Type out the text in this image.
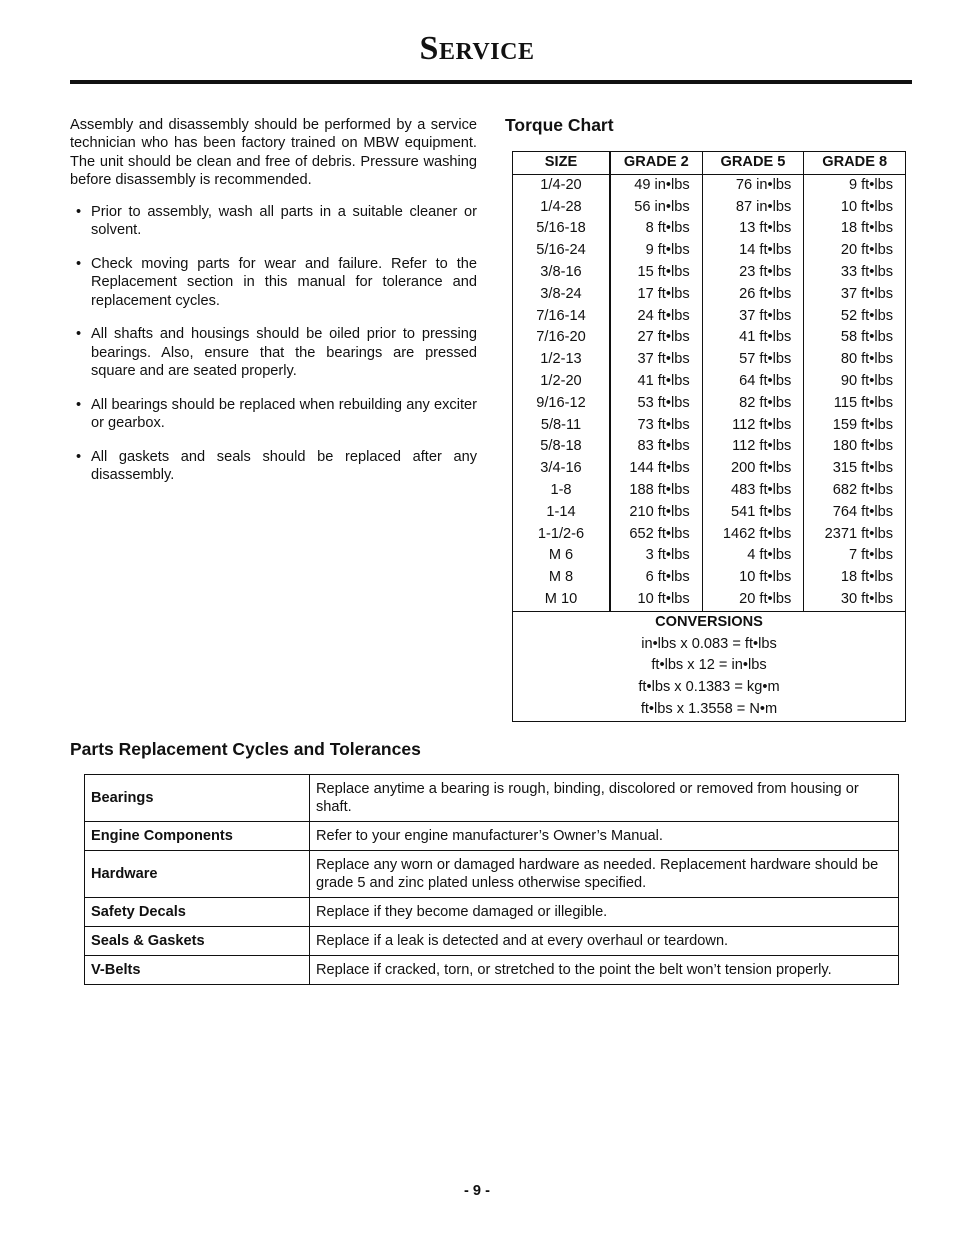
Service

Assembly and disassembly should be performed by a service technician who has been factory trained on MBW equipment. The unit should be clean and free of debris. Pressure washing before disassembly is recommended.

• Prior to assembly, wash all parts in a suitable cleaner or solvent.
• Check moving parts for wear and failure. Refer to the Replacement section in this manual for tolerance and replacement cycles.
• All shafts and housings should be oiled prior to pressing bearings. Also, ensure that the bearings are pressed square and are seated properly.
• All bearings should be replaced when rebuilding any exciter or gearbox.
• All gaskets and seals should be replaced after any disassembly.
Torque Chart
SIZE	GRADE 2	GRADE 5	GRADE 8
1/4-20	49 in•lbs	76 in•lbs	9 ft•lbs
1/4-28	56 in•lbs	87 in•lbs	10 ft•lbs
5/16-18	8 ft•lbs	13 ft•lbs	18 ft•lbs
5/16-24	9 ft•lbs	14 ft•lbs	20 ft•lbs
3/8-16	15 ft•lbs	23 ft•lbs	33 ft•lbs
3/8-24	17 ft•lbs	26 ft•lbs	37 ft•lbs
7/16-14	24 ft•lbs	37 ft•lbs	52 ft•lbs
7/16-20	27 ft•lbs	41 ft•lbs	58 ft•lbs
1/2-13	37 ft•lbs	57 ft•lbs	80 ft•lbs
1/2-20	41 ft•lbs	64 ft•lbs	90 ft•lbs
9/16-12	53 ft•lbs	82 ft•lbs	115 ft•lbs
5/8-11	73 ft•lbs	112 ft•lbs	159 ft•lbs
5/8-18	83 ft•lbs	112 ft•lbs	180 ft•lbs
3/4-16	144 ft•lbs	200 ft•lbs	315 ft•lbs
1-8	188 ft•lbs	483 ft•lbs	682 ft•lbs
1-14	210 ft•lbs	541 ft•lbs	764 ft•lbs
1-1/2-6	652 ft•lbs	1462 ft•lbs	2371 ft•lbs
M 6	3 ft•lbs	4 ft•lbs	7 ft•lbs
M 8	6 ft•lbs	10 ft•lbs	18 ft•lbs
M 10	10 ft•lbs	20 ft•lbs	30 ft•lbs
CONVERSIONS			
in•lbs x 0.083 = ft•lbs			
ft•lbs x 12 = in•lbs			
ft•lbs x 0.1383 = kg•m			
ft•lbs x 1.3558 = N•m			
Parts Replacement Cycles and Tolerances
Bearings	Replace anytime a bearing is rough, binding, discolored or removed from housing or shaft.
Engine Components	Refer to your engine manufacturer’s Owner’s Manual.
Hardware	Replace any worn or damaged hardware as needed. Replacement hardware should be grade 5 and zinc plated unless otherwise specified.
Safety Decals	Replace if they become damaged or illegible.
Seals & Gaskets	Replace if a leak is detected and at every overhaul or teardown.
V-Belts	Replace if cracked, torn, or stretched to the point the belt won’t tension properly.
- 9 -
